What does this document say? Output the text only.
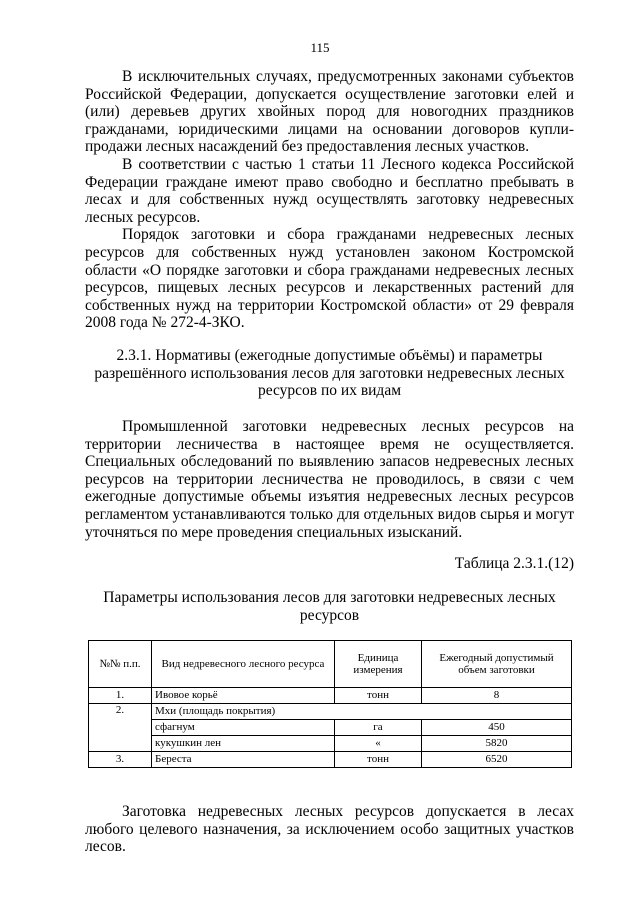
115

В исключительных случаях, предусмотренных законами субъектов Российской Федерации, допускается осуществление заготовки елей и (или) деревьев других хвойных пород для новогодних праздников гражданами, юридическими лицами на основании договоров купли-продажи лесных насаждений без предоставления лесных участков.

В соответствии с частью 1 статьи 11 Лесного кодекса Российской Федерации граждане имеют право свободно и бесплатно пребывать в лесах и для собственных нужд осуществлять заготовку недревесных лесных ресурсов.

Порядок заготовки и сбора гражданами недревесных лесных ресурсов для собственных нужд установлен законом Костромской области «О порядке заготовки и сбора гражданами недревесных лесных ресурсов, пищевых лесных ресурсов и лекарственных растений для собственных нужд на территории Костромской области» от 29 февраля 2008 года № 272-4-ЗКО.

2.3.1. Нормативы (ежегодные допустимые объёмы) и параметры разрешённого использования лесов для заготовки недревесных лесных ресурсов по их видам

Промышленной заготовки недревесных лесных ресурсов на территории лесничества в настоящее время не осуществляется. Специальных обследований по выявлению запасов недревесных лесных ресурсов на территории лесничества не проводилось, в связи с чем ежегодные допустимые объемы изъятия недревесных лесных ресурсов регламентом устанавливаются только для отдельных видов сырья и могут уточняться по мере проведения специальных изысканий.

Таблица 2.3.1.(12)

Параметры использования лесов для заготовки недревесных лесных ресурсов

№№ п.п.	Вид недревесного лесного ресурса	Единица измерения	Ежегодный допустимый объем заготовки
1.	Ивовое корьё	тонн	8
2.	Мхи (площадь покрытия)		
	сфагнум	га	450
	кукушкин лен	«	5820
3.	Береста	тонн	6520

Заготовка недревесных лесных ресурсов допускается в лесах любого целевого назначения, за исключением особо защитных участков лесов.
